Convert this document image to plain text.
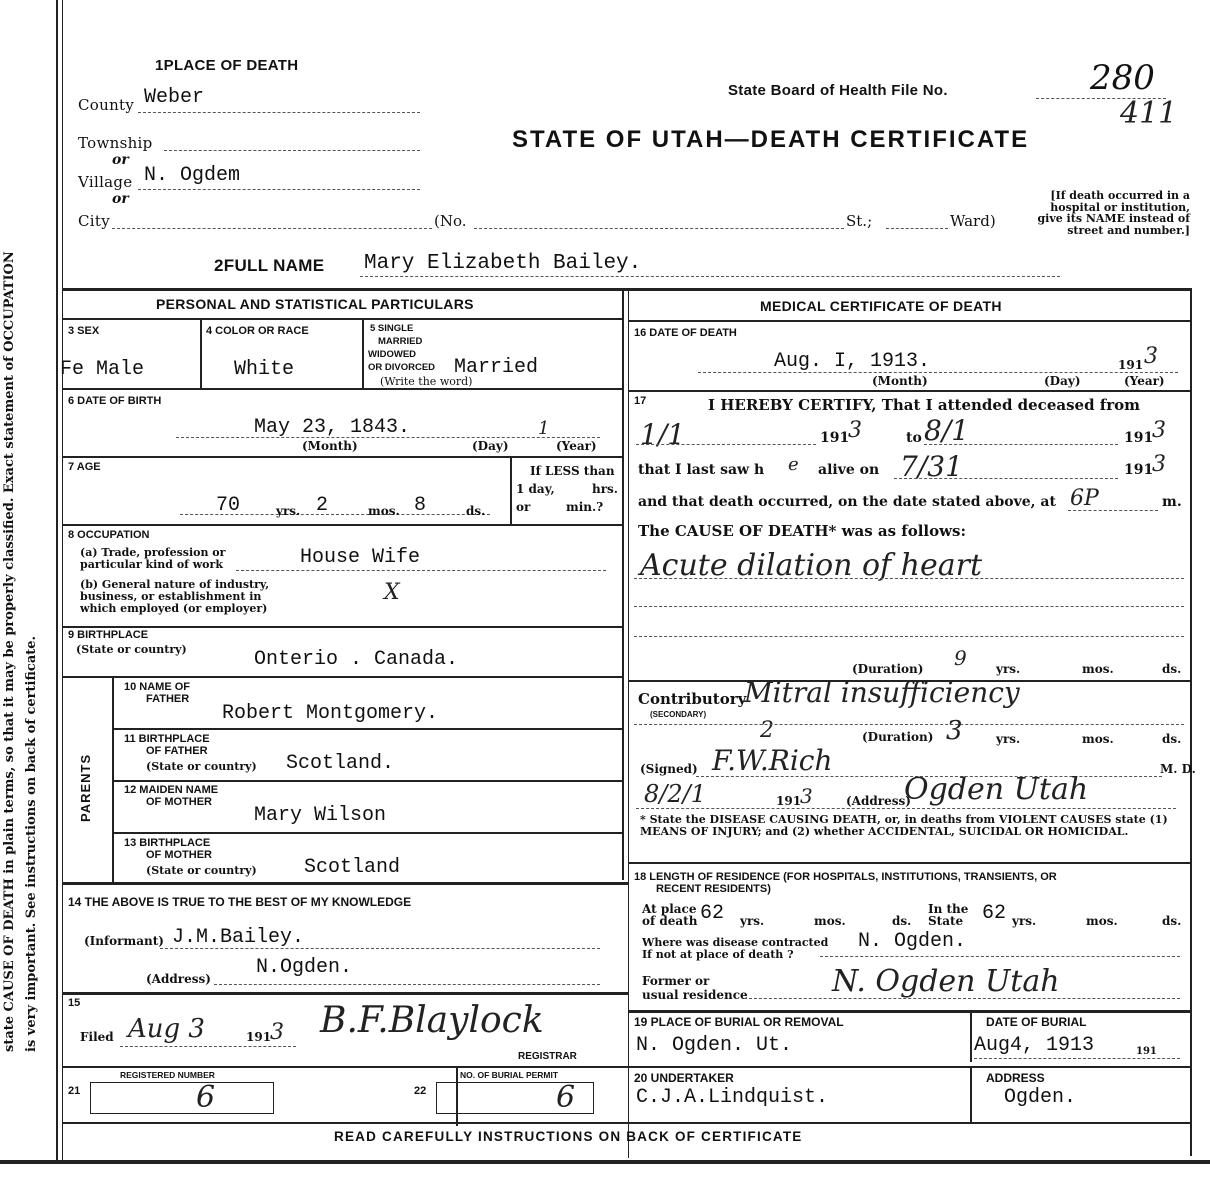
state CAUSE OF DEATH in plain terms, so that it may be properly classified. Exact statement of OCCUPATION is very important. See instructions on back of certificate.
1PLACE OF DEATH
County Weber
Township
or
Village N. Ogdem
or
City	(No.	St.;	Ward)
State Board of Health File No.	280
411
STATE OF UTAH—DEATH CERTIFICATE
[If death occurred in a hospital or institution, give its NAME instead of street and number.]
2FULL NAME Mary Elizabeth Bailey.
PERSONAL AND STATISTICAL PARTICULARS
3 SEX
Fe Male
4 COLOR OR RACE
White
5 SINGLE
MARRIED
WIDOWED
OR DIVORCED
(Write the word)
Married
6 DATE OF BIRTH
May 23, 1843.	1
(Month)	(Day)	(Year)
7 AGE
70	yrs. 2	mos. 8	ds.
If LESS than
1 day,	hrs.
or	min.?
8 OCCUPATION
(a) Trade, profession or
particular kind of work	House Wife
(b) General nature of industry,
business, or establishment in
which employed (or employer)
X
9 BIRTHPLACE
(State or country)	Onterio . Canada.
PARENTS
10 NAME OF
FATHER
Robert Montgomery.
11 BIRTHPLACE
OF FATHER
(State or country) Scotland.
12 MAIDEN NAME
OF MOTHER
Mary Wilson
13 BIRTHPLACE
OF MOTHER
(State or country) Scotland
14 THE ABOVE IS TRUE TO THE BEST OF MY KNOWLEDGE
(Informant) J.M.Bailey.
(Address) N.Ogden.
15
Filed Aug 3	191
3 B.F.Blaylock
REGISTRAR
REGISTERED NUMBER
21	6
NO. OF BURIAL PERMIT
22	6
MEDICAL CERTIFICATE OF DEATH
16 DATE OF DEATH
Aug. I, 1913.	191 3
(Month)	(Day)	(Year)
17	I HEREBY CERTIFY, That I attended deceased from
1/1	191
3	to 8/1	191
3
that I last saw h e alive on 7/31	191
3
and that death occurred, on the date stated above, at 6P	m.
The CAUSE OF DEATH* was as follows:
Acute dilation of heart
(Duration) 9 yrs.	mos.	ds.
Contributory
(SECONDARY)
Mitral insufficiency
2	(Duration) 3	yrs.	mos.	ds.
(Signed) F.W.Rich	M. D.
8/2/1	191
3	(Address)
Ogden Utah
* State the DISEASE CAUSING DEATH, or, in deaths from VIOLENT CAUSES state (1) MEANS OF INJURY; and (2) whether ACCIDENTAL, SUICIDAL OR HOMICIDAL.
18 LENGTH OF RESIDENCE (FOR HOSPITALS, INSTITUTIONS, TRANSIENTS, OR
RECENT RESIDENTS)
At place
of death 62 yrs.	mos.	ds.
In the
State 62 yrs.	mos.	ds.
Where was disease contracted
If not at place of death ?
N. Ogden.
Former or
usual residence	N. Ogden Utah
19 PLACE OF BURIAL OR REMOVAL
N. Ogden. Ut.
DATE OF BURIAL
Aug4, 1913	191
20 UNDERTAKER
C.J.A.Lindquist.
ADDRESS
Ogden.
READ CAREFULLY INSTRUCTIONS ON BACK OF CERTIFICATE
